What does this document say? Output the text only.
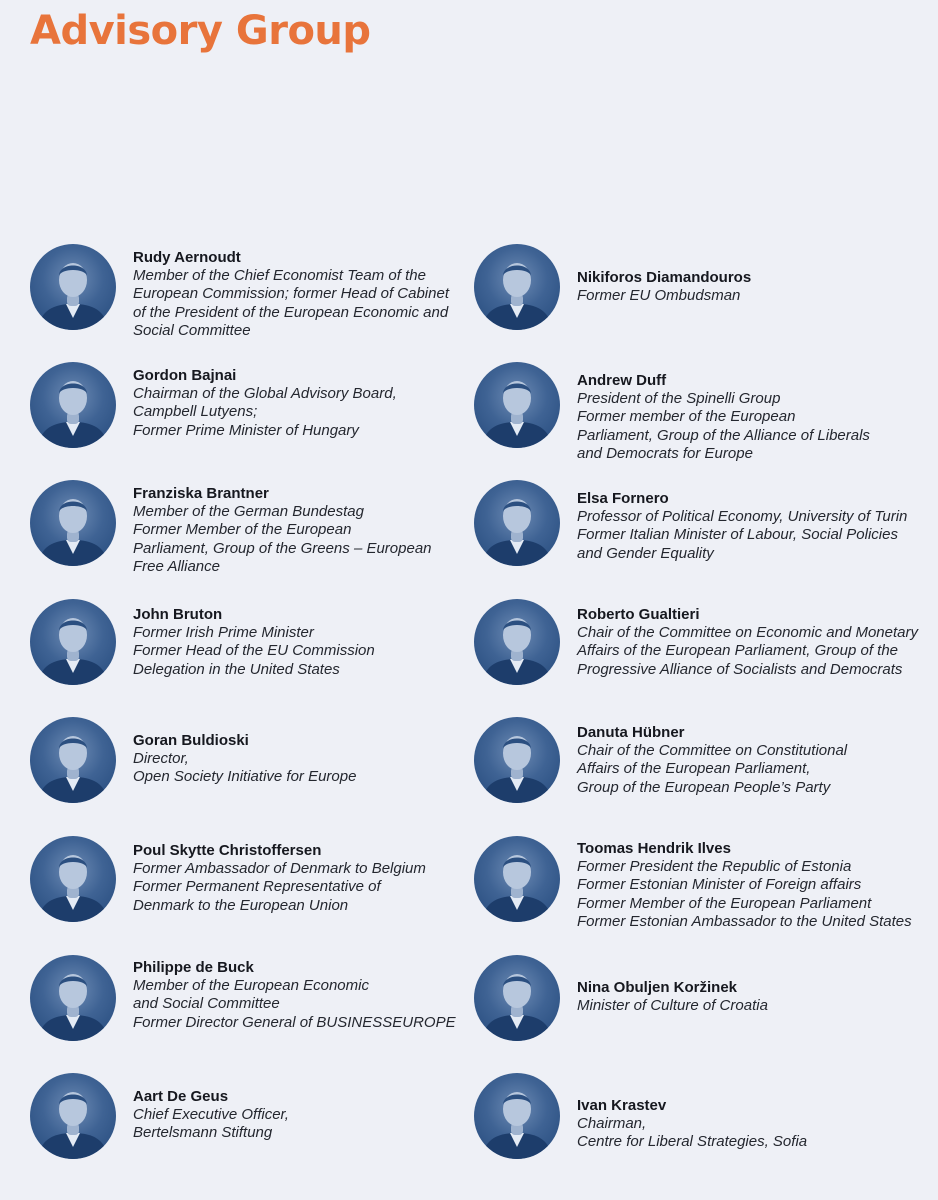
Advisory Group
Rudy Aernoudt
Member of the Chief Economist Team of the
European Commission; former Head of Cabinet
of the President of the European Economic and
Social Committee
Gordon Bajnai
Chairman of the Global Advisory Board,
Campbell Lutyens;
Former Prime Minister of Hungary
Franziska Brantner
Member of the German Bundestag
Former Member of the European
Parliament, Group of the Greens – European
Free Alliance
John Bruton
Former Irish Prime Minister
Former Head of the EU Commission
Delegation in the United States
Goran Buldioski
Director,
Open Society Initiative for Europe
Poul Skytte Christoffersen
Former Ambassador of Denmark to Belgium
Former Permanent Representative of
Denmark to the European Union
Philippe de Buck
Member of the European Economic
and Social Committee
Former Director General of BUSINESSEUROPE
Aart De Geus
Chief Executive Officer,
Bertelsmann Stiftung
Nikiforos Diamandouros
Former EU Ombudsman
Andrew Duff
President of the Spinelli Group
Former member of the European
Parliament, Group of the Alliance of Liberals
and Democrats for Europe
Elsa Fornero
Professor of Political Economy, University of Turin
Former Italian Minister of Labour, Social Policies
and Gender Equality
Roberto Gualtieri
Chair of the Committee on Economic and Monetary
Affairs of the European Parliament, Group of the
Progressive Alliance of Socialists and Democrats
Danuta Hübner
Chair of the Committee on Constitutional
Affairs of the European Parliament,
Group of the European People’s Party
Toomas Hendrik Ilves
Former President the Republic of Estonia
Former Estonian Minister of Foreign affairs
Former Member of the European Parliament
Former Estonian Ambassador to the United States
Nina Obuljen Koržinek
Minister of Culture of Croatia
Ivan Krastev
Chairman,
Centre for Liberal Strategies, Sofia
